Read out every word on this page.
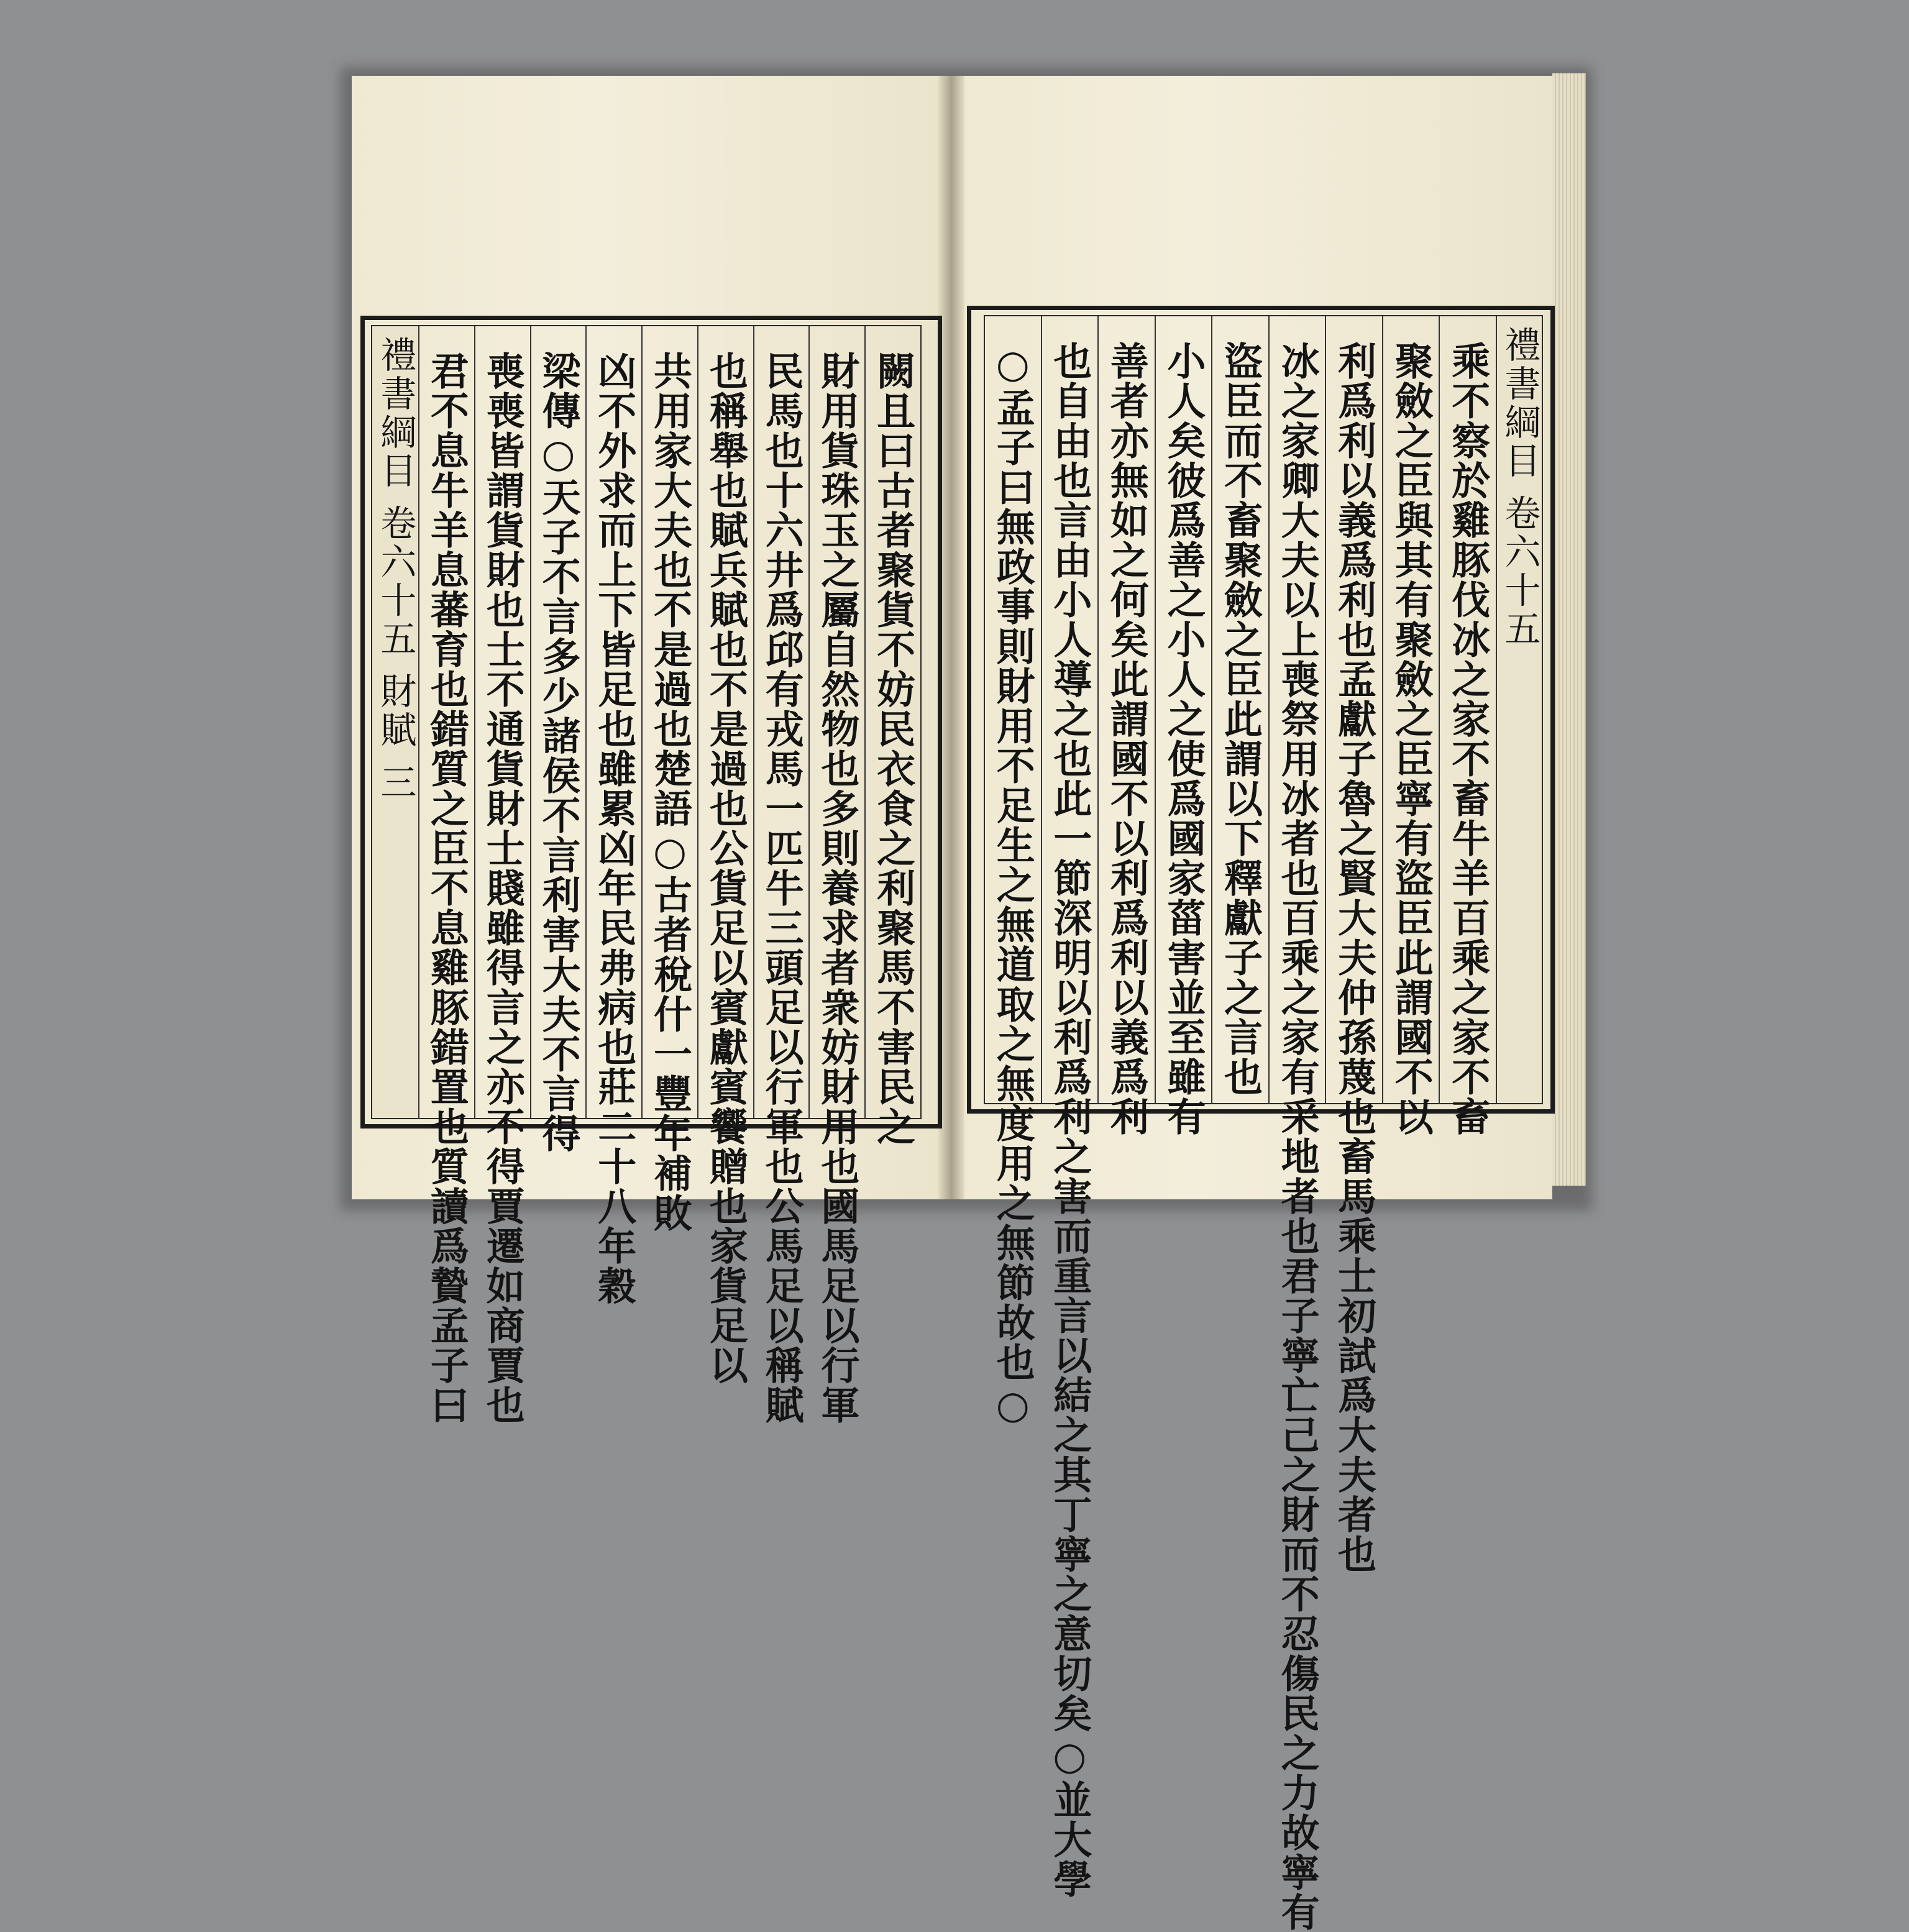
闕且曰古者聚貨不妨民衣食之利聚馬不害民之
財用貨珠玉之屬自然物也多則養求者衆妨財用也國馬足以行軍
民馬也十六井爲邱有戎馬一匹牛三頭足以行軍也公馬足以稱賦
也稱舉也賦兵賦也不是過也公貨足以賓獻賓饗贈也家貨足以
共用家大夫也不是過也楚語○古者稅什一豐年補敗
凶不外求而上下皆足也雖累凶年民弗病也莊二十八年穀
梁傳○天子不言多少諸侯不言利害大夫不言得
喪喪皆謂貨財也士不通貨財士賤雖得言之亦不得賈遷如商賈也
君不息牛羊息蕃育也錯質之臣不息雞豚錯置也質讀爲贄孟子曰
禮書綱目 卷六十五 財賦 三	禮書綱目 卷六十五
乘不察於雞豚伐冰之家不畜牛羊百乘之家不畜
聚斂之臣與其有聚斂之臣寧有盜臣此謂國不以
利爲利以義爲利也孟獻子魯之賢大夫仲孫蔑也畜馬乘士初試爲大夫者也
冰之家卿大夫以上喪祭用冰者也百乘之家有采地者也君子寧亡己之財而不忍傷民之力故寧有
盜臣而不畜聚斂之臣此謂以下釋獻子之言也
小人矣彼爲善之小人之使爲國家菑害並至雖有
善者亦無如之何矣此謂國不以利爲利以義爲利
也自由也言由小人導之也此一節深明以利爲利之害而重言以結之其丁寧之意切矣○並大學
○孟子曰無政事則財用不足生之無道取之無度用之無節故也○
